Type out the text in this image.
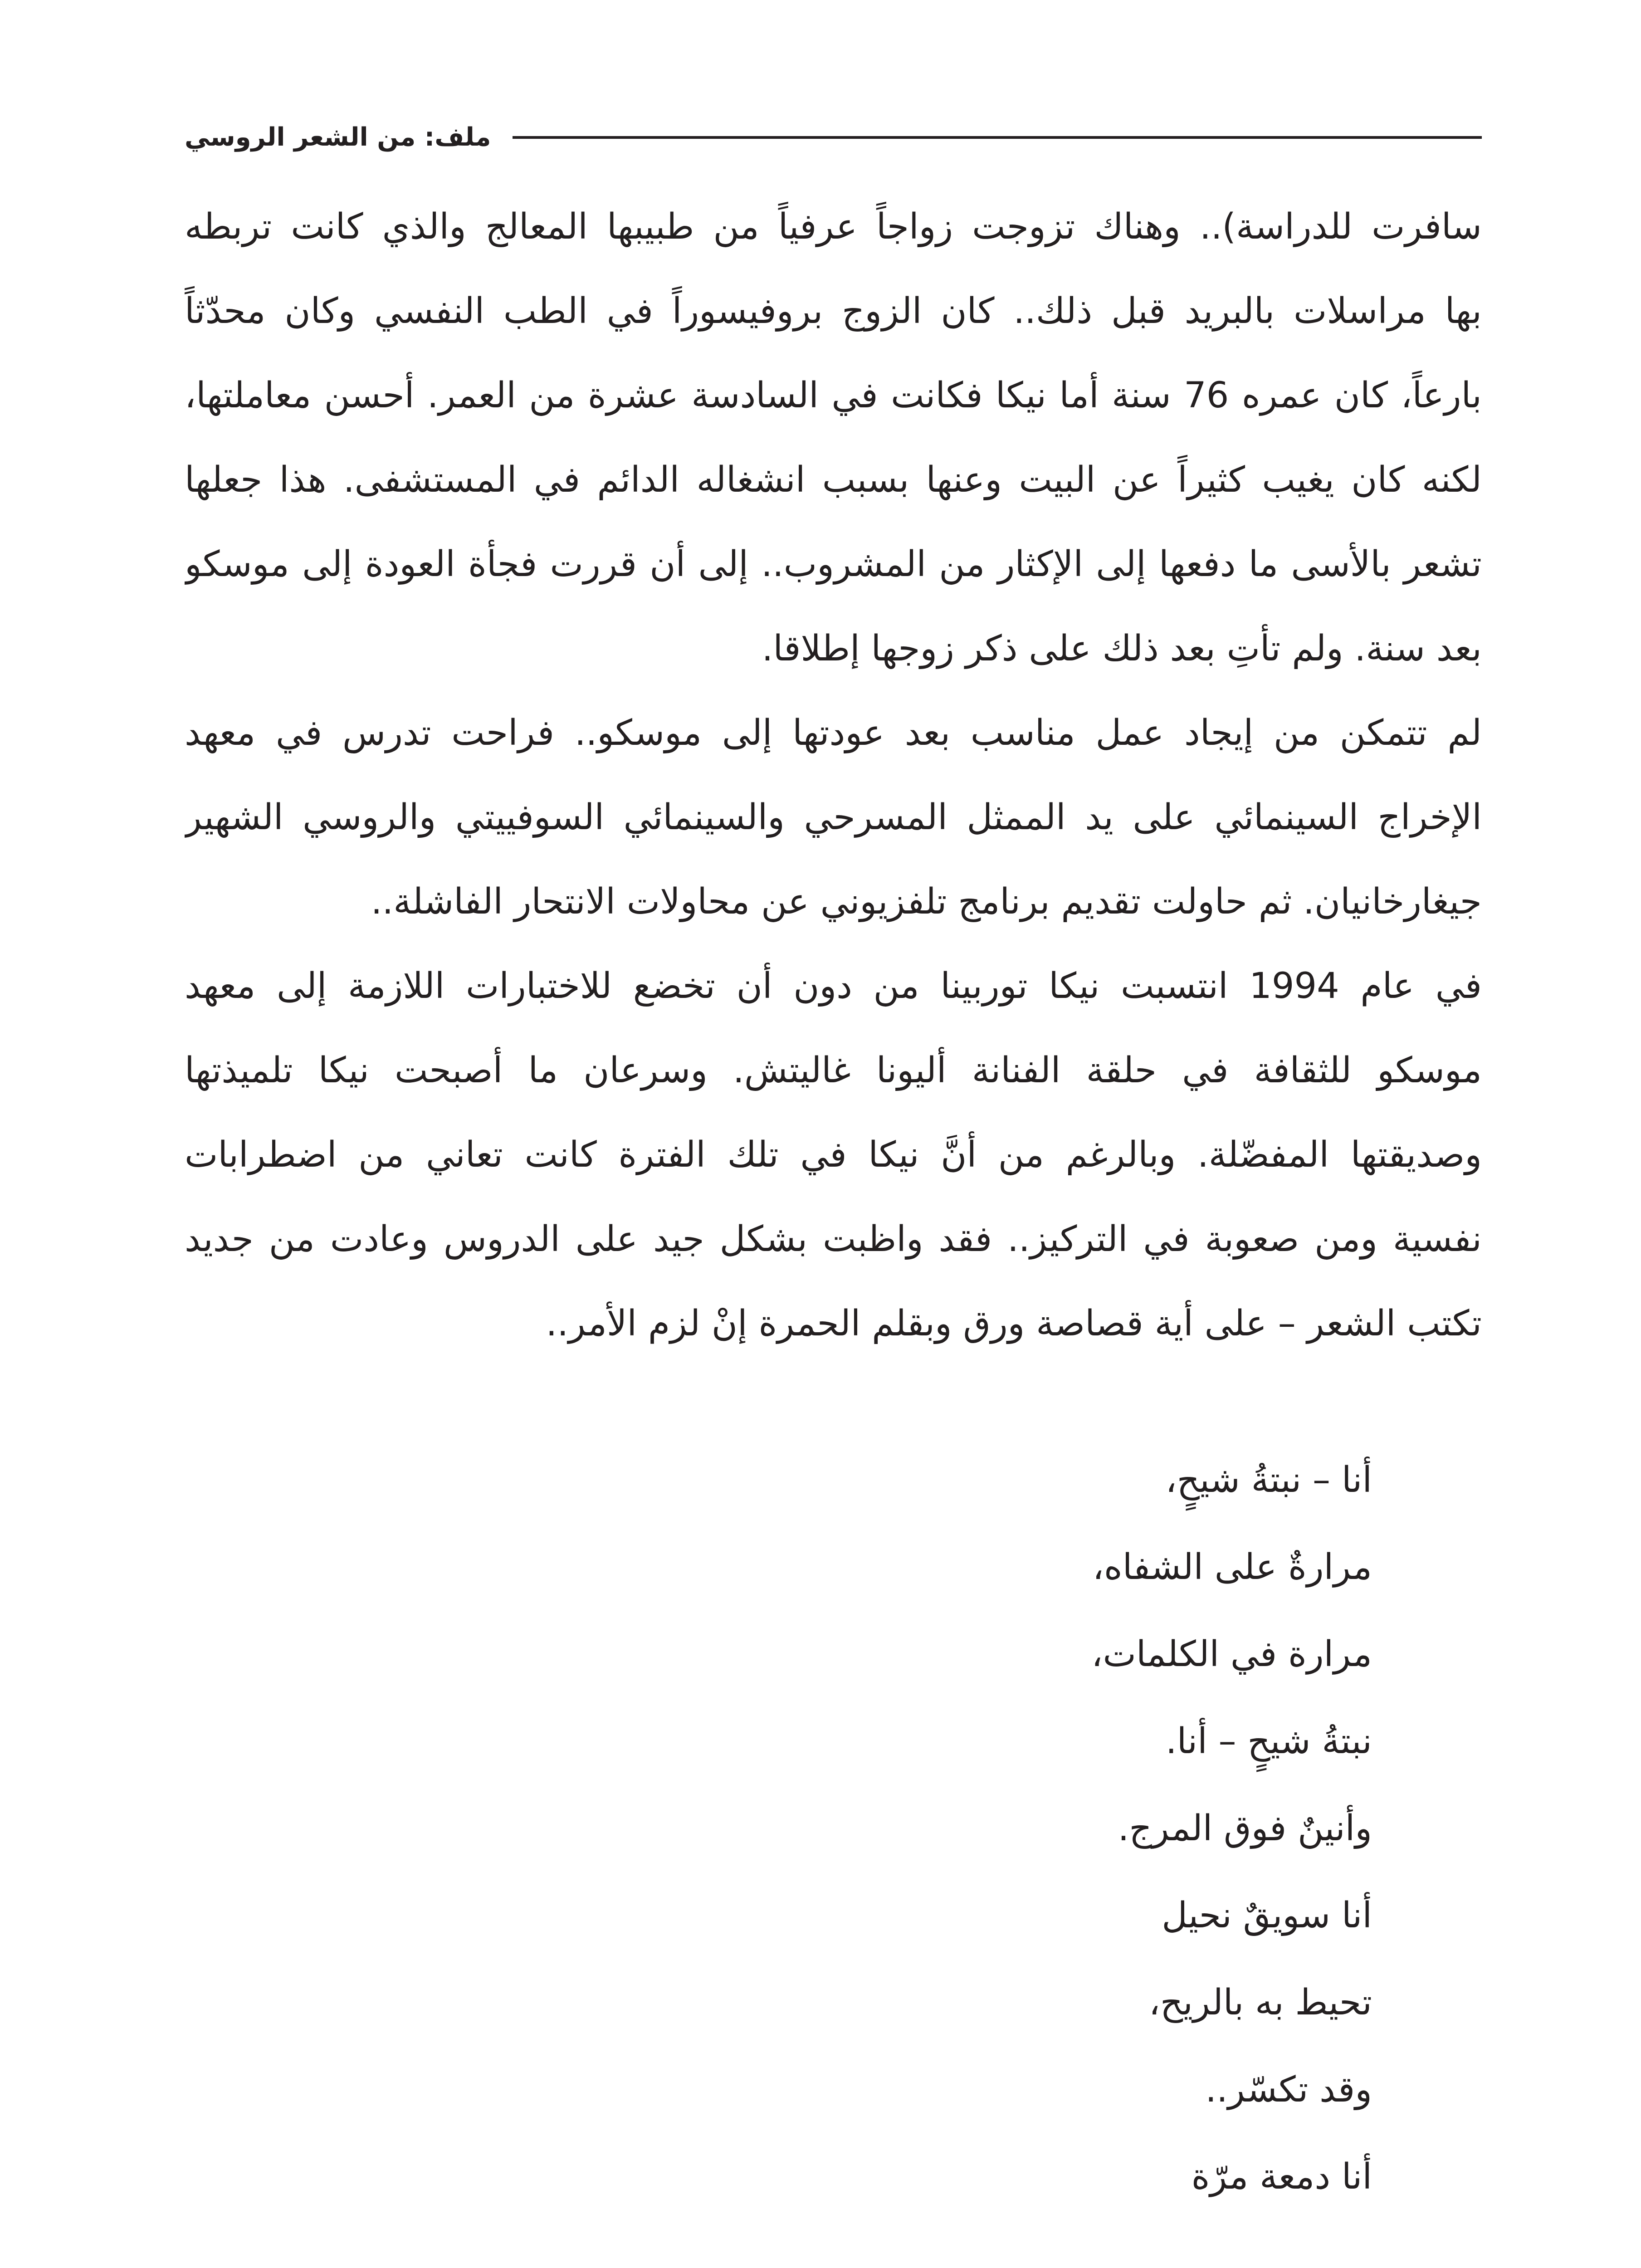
ملف: من الشعر الروسي
سافرت للدراسة).. وهناك تزوجت زواجاً عرفياً من طبيبها المعالج والذي كانت تربطه
بها مراسلات بالبريد قبل ذلك.. كان الزوج بروفيسوراً في الطب النفسي وكان محدّثاً
بارعاً، كان عمره 76 سنة أما نيكا فكانت في السادسة عشرة من العمر. أحسن معاملتها،
لكنه كان يغيب كثيراً عن البيت وعنها بسبب انشغاله الدائم في المستشفى. هذا جعلها
تشعر بالأسى ما دفعها إلى الإكثار من المشروب.. إلى أن قررت فجأة العودة إلى موسكو
بعد سنة. ولم تأتِ بعد ذلك على ذكر زوجها إطلاقا.
لم تتمكن من إيجاد عمل مناسب بعد عودتها إلى موسكو.. فراحت تدرس في معهد
الإخراج السينمائي على يد الممثل المسرحي والسينمائي السوفييتي والروسي الشهير
جيغارخانيان. ثم حاولت تقديم برنامج تلفزيوني عن محاولات الانتحار الفاشلة..
في عام 1994 انتسبت نيكا توربينا من دون أن تخضع للاختبارات اللازمة إلى معهد
موسكو للثقافة في حلقة الفنانة أليونا غاليتش. وسرعان ما أصبحت نيكا تلميذتها
وصديقتها المفضّلة. وبالرغم من أنَّ نيكا في تلك الفترة كانت تعاني من اضطرابات
نفسية ومن صعوبة في التركيز.. فقد واظبت بشكل جيد على الدروس وعادت من جديد
تكتب الشعر – على أية قصاصة ورق وبقلم الحمرة إنْ لزم الأمر..
أنا – نبتةُ شيحٍ،
مرارةٌ على الشفاه،
مرارة في الكلمات،
نبتةُ شيحٍ – أنا.
وأنينٌ فوق المرج.
أنا سويقٌ نحيل
تحيط به بالريح،
وقد تكسّر..
أنا دمعة مرّة
